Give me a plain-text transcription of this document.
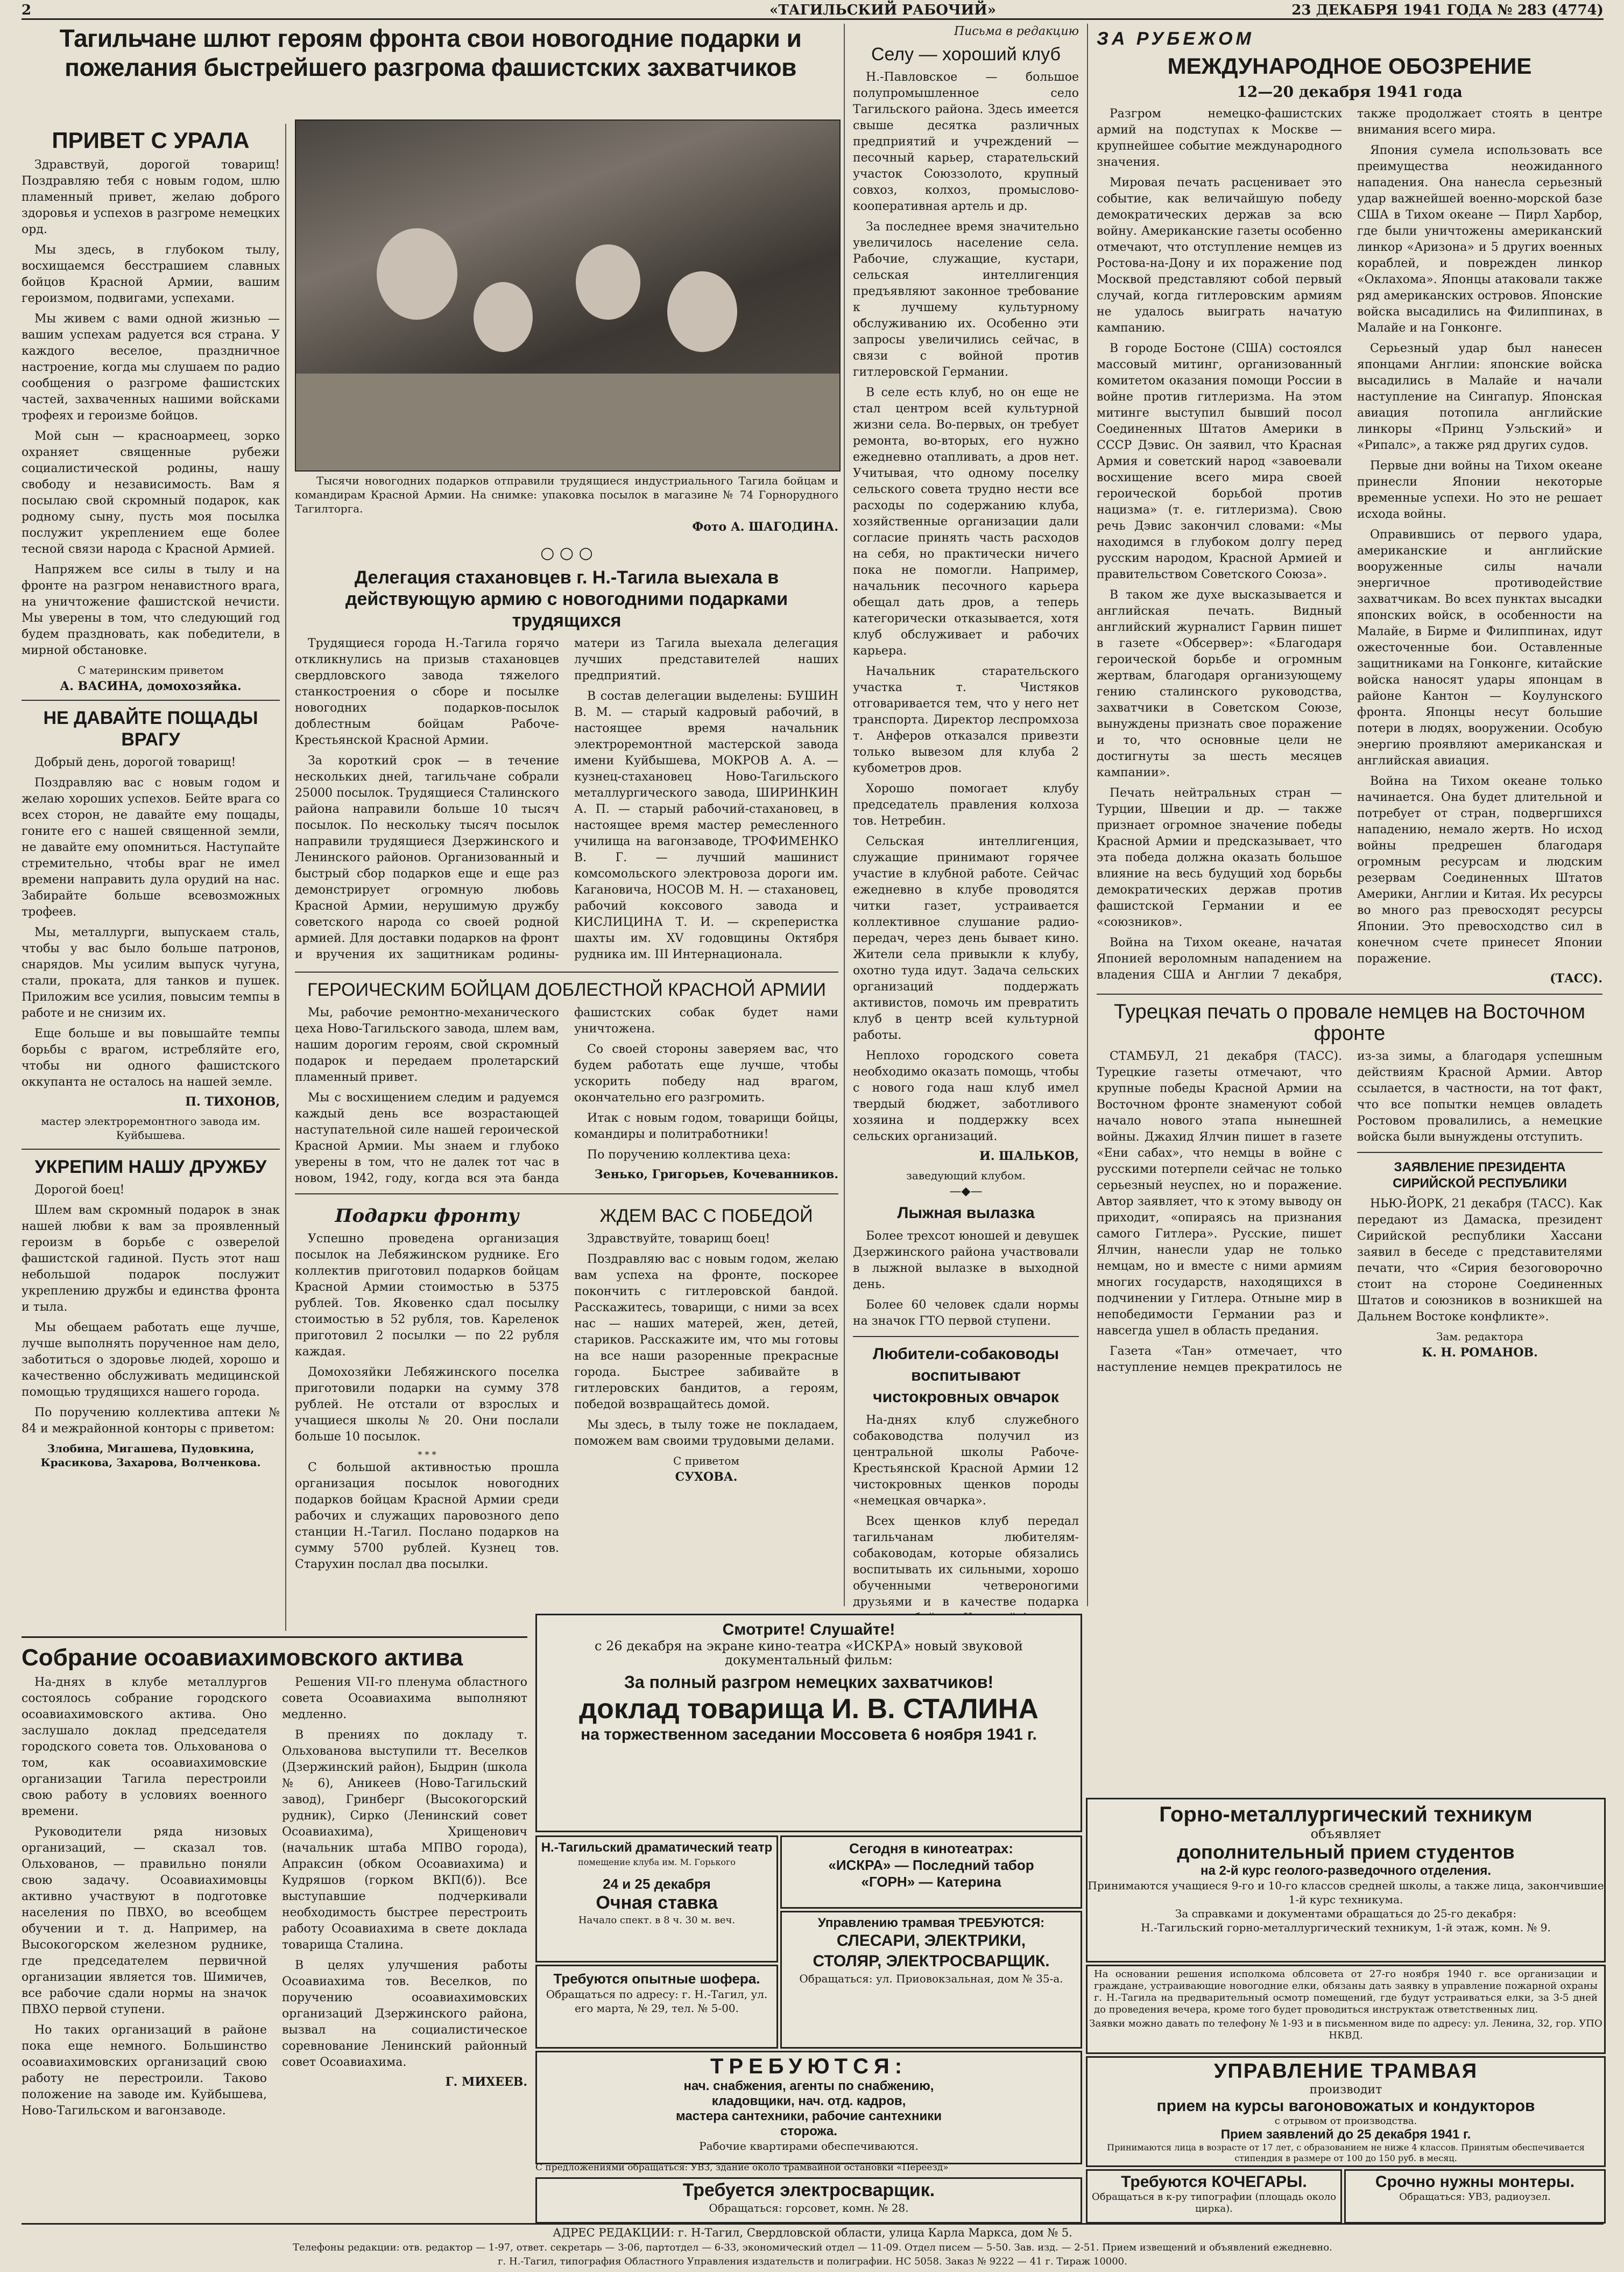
2	«ТАГИЛЬСКИЙ РАБОЧИЙ»	23 ДЕКАБРЯ 1941 ГОДА № 283 (4774)
Тагильчане шлют героям фронта свои новогодние подарки и пожелания быстрейшего разгрома фашистских захватчиков
ПРИВЕТ С УРАЛА

Здравствуй, дорогой товарищ! Поздравляю тебя с новым годом, шлю пламенный привет, желаю доброго здоровья и успехов в разгроме немецких орд.

Мы здесь, в глубоком тылу, восхищаемся бесстрашием славных бойцов Красной Армии, вашим героизмом, подвигами, успехами.

Мы живем с вами одной жизнью — вашим успехам радуется вся страна. У каждого веселое, праздничное настроение, когда мы слушаем по радио сообщения о разгроме фашистских частей, захваченных нашими войсками трофеях и героизме бойцов.

Мой сын — красноармеец, зорко охраняет священные рубежи социалистической родины, нашу свободу и независимость. Вам я посылаю свой скромный подарок, как родному сыну, пусть моя посылка послужит укреплением еще более тесной связи народа с Красной Армией.

Напряжем все силы в тылу и на фронте на разгром ненавистного врага, на уничтожение фашистской нечисти. Мы уверены в том, что следующий год будем праздновать, как победители, в мирной обстановке.

С материнским приветом
А. ВАСИНА, домохозяйка.
НЕ ДАВАЙТЕ ПОЩАДЫ ВРАГУ

Добрый день, дорогой товарищ!

Поздравляю вас с новым годом и желаю хороших успехов. Бейте врага со всех сторон, не давайте ему пощады, гоните его с нашей священной земли, не давайте ему опомниться. Наступайте стремительно, чтобы враг не имел времени направить дула орудий на нас. Забирайте больше всевозможных трофеев.

Мы, металлурги, выпускаем сталь, чтобы у вас было больше патронов, снарядов. Мы усилим выпуск чугуна, стали, проката, для танков и пушек. Приложим все усилия, повысим темпы в работе и не снизим их.

Еще больше и вы повышайте темпы борьбы с врагом, истребляйте его, чтобы ни одного фашистского оккупанта не осталось на нашей земле.

П. ТИХОНОВ,
мастер электроремонтного завода им. Куйбышева.
УКРЕПИМ НАШУ ДРУЖБУ

Дорогой боец!

Шлем вам скромный подарок в знак нашей любви к вам за проявленный героизм в борьбе с озверелой фашистской гадиной. Пусть этот наш небольшой подарок послужит укреплению дружбы и единства фронта и тыла.

Мы обещаем работать еще лучше, лучше выполнять порученное нам дело, заботиться о здоровье людей, хорошо и качественно обслуживать медицинской помощью трудящихся нашего города.

По поручению коллектива аптеки № 84 и межрайонной конторы с приветом:

Злобина, Мигашева, Пудовкина, Красикова, Захарова, Волченкова.

Тысячи новогодних подарков отправили трудящиеся индустриального Тагила бойцам и командирам Красной Армии. На снимке: упаковка посылок в магазине № 74 Горнорудного Тагилторга.

Фото А. ШАГОДИНА.
○ ○ ○
Делегация стахановцев г. Н.-Тагила выехала в действующую армию с новогодними подарками трудящихся

Трудящиеся города Н.-Тагила горячо откликнулись на призыв стахановцев свердловского завода тяжелого станкостроения о сборе и посылке новогодних подарков-посылок доблестным бойцам Рабоче-Крестьянской Красной Армии.

За короткий срок — в течение нескольких дней, тагильчане собрали 25000 посылок. Трудящиеся Сталинского района направили больше 10 тысяч посылок. По нескольку тысяч посылок направили трудящиеся Дзержинского и Ленинского районов. Организованный и быстрый сбор подарков еще и еще раз демонстрирует огромную любовь Красной Армии, нерушимую дружбу советского народа со своей родной армией. Для доставки подарков на фронт и вручения их защитникам родины-матери из Тагила выехала делегация лучших представителей наших предприятий.

В состав делегации выделены: БУШИН В. М. — старый кадровый рабочий, в настоящее время начальник электроремонтной мастерской завода имени Куйбышева, МОКРОВ А. А. — кузнец-стахановец Ново-Тагильского металлургического завода, ШИРИНКИН А. П. — старый рабочий-стахановец, в настоящее время мастер ремесленного училища на вагонзаводе, ТРОФИМЕНКО В. Г. — лучший машинист комсомольского электровоза дороги им. Кагановича, НОСОВ М. Н. — стахановец, рабочий коксового завода и КИСЛИЦИНА Т. И. — скреперистка шахты им. XV годовщины Октября рудника им. III Интернационала.

ГЕРОИЧЕСКИМ БОЙЦАМ ДОБЛЕСТНОЙ КРАСНОЙ АРМИИ

Мы, рабочие ремонтно-механического цеха Ново-Тагильского завода, шлем вам, нашим дорогим героям, свой скромный подарок и передаем пролетарский пламенный привет.

Мы с восхищением следим и радуемся каждый день все возрастающей наступательной силе нашей героической Красной Армии. Мы знаем и глубоко уверены в том, что не далек тот час в новом, 1942, году, когда вся эта банда фашистских собак будет нами уничтожена.

Со своей стороны заверяем вас, что будем работать еще лучше, чтобы ускорить победу над врагом, окончательно его разгромить.

Итак с новым годом, товарищи бойцы, командиры и политработники!

По поручению коллектива цеха:

Зенько, Григорьев, Кочеванников.
Подарки фронту

Успешно проведена организация посылок на Лебяжинском руднике. Его коллектив приготовил подарков бойцам Красной Армии стоимостью в 5375 рублей. Тов. Яковенко сдал посылку стоимостью в 52 рубля, тов. Кареленок приготовил 2 посылки — по 22 рубля каждая.

Домохозяйки Лебяжинского поселка приготовили подарки на сумму 378 рублей. Не отстали от взрослых и учащиеся школы № 20. Они послали больше 10 посылок.

* * *

С большой активностью прошла организация посылок новогодних подарков бойцам Красной Армии среди рабочих и служащих паровозного депо станции Н.-Тагил. Послано подарков на сумму 5700 рублей. Кузнец тов. Старухин послал два посылки.

ЖДЕМ ВАС С ПОБЕДОЙ

Здравствуйте, товарищ боец!

Поздравляю вас с новым годом, желаю вам успеха на фронте, поскорее покончить с гитлеровской бандой. Расскажитесь, товарищи, с ними за всех нас — наших матерей, жен, детей, стариков. Расскажите им, что мы готовы на все наши разоренные прекрасные города. Быстрее забивайте в гитлеровских бандитов, а героям, победой возвращайтесь домой.

Мы здесь, в тылу тоже не покладаем, поможем вам своими трудовыми делами.

С приветом
СУХОВА.
Письма в редакцию
Селу — хороший клуб

Н.-Павловское — большое полупромышленное село Тагильского района. Здесь имеется свыше десятка различных предприятий и учреждений — песочный карьер, старательский участок Союззолото, крупный совхоз, колхоз, промыслово-кооперативная артель и др.

За последнее время значительно увеличилось население села. Рабочие, служащие, кустари, сельская интеллигенция предъявляют законное требование к лучшему культурному обслуживанию их. Особенно эти запросы увеличились сейчас, в связи с войной против гитлеровской Германии.

В селе есть клуб, но он еще не стал центром всей культурной жизни села. Во-первых, он требует ремонта, во-вторых, его нужно ежедневно отапливать, а дров нет. Учитывая, что одному поселку сельского совета трудно нести все расходы по содержанию клуба, хозяйственные организации дали согласие принять часть расходов на себя, но практически ничего пока не помогли. Например, начальник песочного карьера обещал дать дров, а теперь категорически отказывается, хотя клуб обслуживает и рабочих карьера.

Начальник старательского участка т. Чистяков отговаривается тем, что у него нет транспорта. Директор леспромхоза т. Анферов отказался привезти только вывезом для клуба 2 кубометров дров.

Хорошо помогает клубу председатель правления колхоза тов. Нетребин.

Сельская интеллигенция, служащие принимают горячее участие в клубной работе. Сейчас ежедневно в клубе проводятся читки газет, устраивается коллективное слушание радио-передач, через день бывает кино. Жители села привыкли к клубу, охотно туда идут. Задача сельских организаций поддержать активистов, помочь им превратить клуб в центр всей культурной работы.

Неплохо городского совета необходимо оказать помощь, чтобы с нового года наш клуб имел твердый бюджет, заботливого хозяина и поддержку всех сельских организаций.

И. ШАЛЬКОВ,
заведующий клубом.
—◆—
Лыжная вылазка

Более трехсот юношей и девушек Дзержинского района участвовали в лыжной вылазке в выходной день.

Более 60 человек сдали нормы на значок ГТО первой ступени.

Любители-собаководы воспитывают чистокровных овчарок

На-днях клуб служебного собаководства получил из центральной школы Рабоче-Крестьянской Красной Армии 12 чистокровных щенков породы «немецкая овчарка».

Всех щенков клуб передал тагильчанам любителям-собаководам, которые обязались воспитывать их сильными, хорошо обученными четвероногими друзьями и в качестве подарка

ЗА РУБЕЖОМ
МЕЖДУНАРОДНОЕ ОБОЗРЕНИЕ
12—20 декабря 1941 года

Разгром немецко-фашистских армий на подступах к Москве — крупнейшее событие международного значения.

Мировая печать расценивает это событие, как величайшую победу демократических держав за всю войну. Американские газеты особенно отмечают, что отступление немцев из Ростова-на-Дону и их поражение под Москвой представляют собой первый случай, когда гитлеровским армиям не удалось выиграть начатую кампанию.

В городе Бостоне (США) состоялся массовый митинг, организованный комитетом оказания помощи России в войне против гитлеризма. На этом митинге выступил бывший посол Соединенных Штатов Америки в СССР Дэвис. Он заявил, что Красная Армия и советский народ «завоевали восхищение всего мира своей героической борьбой против нацизма» (т. е. гитлеризма). Свою речь Дэвис закончил словами: «Мы находимся в глубоком долгу перед русским народом, Красной Армией и правительством Советского Союза».

В таком же духе высказывается и английская печать. Видный английский журналист Гарвин пишет в газете «Обсервер»: «Благодаря героической борьбе и огромным жертвам, благодаря организующему гению сталинского руководства, захватчики в Советском Союзе, вынуждены признать свое поражение и то, что основные цели не достигнуты за шесть месяцев кампании».

Печать нейтральных стран — Турции, Швеции и др. — также признает огромное значение победы Красной Армии и предсказывает, что эта победа должна оказать большое влияние на весь будущий ход борьбы демократических держав против фашистской Германии и ее «союзников».

Война на Тихом океане, начатая Японией вероломным нападением на владения США и Англии 7 декабря, также продолжает стоять в центре внимания всего мира.

Япония сумела использовать все преимущества неожиданного нападения. Она нанесла серьезный удар важнейшей военно-морской базе США в Тихом океане — Пирл Харбор, где были уничтожены американский линкор «Аризона» и 5 других военных кораблей, и поврежден линкор «Оклахома». Японцы атаковали также ряд американских островов. Японские войска высадились на Филиппинах, в Малайе и на Гонконге.

Серьезный удар был нанесен японцами Англии: японские войска высадились в Малайе и начали наступление на Сингапур. Японская авиация потопила английские линкоры «Принц Уэльский» и «Рипалс», а также ряд других судов.

Первые дни войны на Тихом океане принесли Японии некоторые временные успехи. Но это не решает исхода войны.

Оправившись от первого удара, американские и английские вооруженные силы начали энергичное противодействие захватчикам. Во всех пунктах высадки японских войск, в особенности на Малайе, в Бирме и Филиппинах, идут ожесточенные бои. Оставленные защитниками на Гонконге, китайские войска наносят удары японцам в районе Кантон — Коулунского фронта. Японцы несут большие потери в людях, вооружении. Особую энергию проявляют американская и английская авиация.

Война на Тихом океане только начинается. Она будет длительной и потребует от стран, подвергшихся нападению, немало жертв. Но исход войны предрешен благодаря огромным ресурсам и людским резервам Соединенных Штатов Америки, Англии и Китая. Их ресурсы во много раз превосходят ресурсы Японии. Это превосходство сил в конечном счете принесет Японии поражение.

(ТАСС).
Турецкая печать о провале немцев на Восточном фронте

СТАМБУЛ, 21 декабря (ТАСС). Турецкие газеты отмечают, что крупные победы Красной Армии на Восточном фронте знаменуют собой начало нового этапа нынешней войны. Джахид Ялчин пишет в газете «Ени сабах», что немцы в войне с русскими потерпели сейчас не только серьезный неуспех, но и поражение. Автор заявляет, что к этому выводу он приходит, «опираясь на признания самого Гитлера». Русские, пишет Ялчин, нанесли удар не только немцам, но и вместе с ними армиям многих государств, находящихся в подчинении у Гитлера. Отныне мир в непобедимости Германии раз и навсегда ушел в область предания.

Газета «Тан» отмечает, что наступление немцев прекратилось не из-за зимы, а благодаря успешным действиям Красной Армии. Автор ссылается, в частности, на тот факт, что все попытки немцев овладеть Ростовом провалились, а немецкие войска были вынуждены отступить.

ЗАЯВЛЕНИЕ ПРЕЗИДЕНТА СИРИЙСКОЙ РЕСПУБЛИКИ

НЬЮ-ЙОРК, 21 декабря (ТАСС). Как передают из Дамаска, президент Сирийской республики Хассани заявил в беседе с представителями печати, что «Сирия безоговорочно стоит на стороне Соединенных Штатов и союзников в возникшей на Дальнем Востоке конфликте».

Зам. редактора
К. Н. РОМАНОВ.
Собрание осоавиахимовского актива

На-днях в клубе металлургов состоялось собрание городского осоавиахимовского актива. Оно заслушало доклад председателя городского совета тов. Ольхованова о том, как осоавиахимовские организации Тагила перестроили свою работу в условиях военного времени.

Руководители ряда низовых организаций, — сказал тов. Ольхованов, — правильно поняли свою задачу. Осоавиахимовцы активно участвуют в подготовке населения по ПВХО, во всеобщем обучении и т. д. Например, на Высокогорском железном руднике, где председателем первичной организации является тов. Шимичев, все рабочие сдали нормы на значок ПВХО первой ступени.

Но таких организаций в районе пока еще немного. Большинство осоавиахимовских организаций свою работу не перестроили. Таково положение на заводе им. Куйбышева, Ново-Тагильском и вагонзаводе.

Решения VII-го пленума областного совета Осоавиахима выполняют медленно.

В прениях по докладу т. Ольхованова выступили тт. Веселков (Дзержинский район), Быдрин (школа № 6), Аникеев (Ново-Тагильский завод), Гринберг (Высокогорский рудник), Сирко (Ленинский совет Осоавиахима), Хрищенович (начальник штаба МПВО города), Апраксин (обком Осоавиахима) и Кудряшов (горком ВКП(б)). Все выступавшие подчеркивали необходимость быстрее перестроить работу Осоавиахима в свете доклада товарища Сталина.

В целях улучшения работы Осоавиахима тов. Веселков, по поручению осоавиахимовских организаций Дзержинского района, вызвал на социалистическое соревнование Ленинский районный совет Осоавиахима.

Г. МИХЕЕВ.
Смотрите! Слушайте!
с 26 декабря на экране кино-театра «ИСКРА» новый звуковой документальный фильм:
За полный разгром немецких захватчиков!
доклад товарища И. В. СТАЛИНА
на торжественном заседании Моссовета 6 ноября 1941 г.
Н.-Тагильский драматический театр
помещение клуба им. М. Горького
24 и 25 декабря
Очная ставка
Начало спект. в 8 ч. 30 м. веч.
Сегодня в кинотеатрах:
«ИСКРА» — Последний табор
«ГОРН» — Катерина
Требуются опытные шофера.
Обращаться по адресу: г. Н.-Тагил, ул. его марта, № 29, тел. № 5-00.
Управлению трамвая ТРЕБУЮТСЯ:
СЛЕСАРИ, ЭЛЕКТРИКИ, СТОЛЯР, ЭЛЕКТРОСВАРЩИК.
Обращаться: ул. Приовокзальная, дом № 35-а.
ТРЕБУЮТСЯ:
нач. снабжения, агенты по снабжению,
кладовщики, нач. отд. кадров,
мастера сантехники, рабочие сантехники
сторожа.
Рабочие квартирами обеспечиваются.
С предложениями обращаться: УВЗ, здание около трамвайной остановки «Переезд»
Требуется электросварщик.
Обращаться: горсовет, комн. № 28.
Горно-металлургический техникум
объявляет
дополнительный прием студентов
на 2-й курс геолого-разведочного отделения.
Принимаются учащиеся 9-го и 10-го классов средней школы, а также лица, закончившие 1-й курс техникума.
За справками и документами обращаться до 25-го декабря:
Н.-Тагильский горно-металлургический техникум, 1-й этаж, комн. № 9.
На основании решения исполкома облсовета от 27-го ноября 1940 г. все организации и граждане, устраивающие новогодние елки, обязаны дать заявку в управление пожарной охраны г. Н.-Тагила на предварительный осмотр помещений, где будут устраиваться елки, за 3-5 дней до проведения вечера, кроме того будет проводиться инструктаж ответственных лиц.
Заявки можно давать по телефону № 1-93 и в письменном виде по адресу: ул. Ленина, 32, гор. УПО НКВД.
УПРАВЛЕНИЕ ТРАМВАЯ
производит
прием на курсы вагоновожатых и кондукторов
с отрывом от производства.
Прием заявлений до 25 декабря 1941 г.
Принимаются лица в возрасте от 17 лет, с образованием не ниже 4 классов. Принятым обеспечивается стипендия в размере от 100 до 150 руб. в месяц.
Требуются КОЧЕГАРЫ.
Обращаться в к-ру типографии (площадь около цирка).
Срочно нужны монтеры.
Обращаться: УВЗ, радиоузел.
АДРЕС РЕДАКЦИИ: г. Н-Тагил, Свердловской области, улица Карла Маркса, дом № 5.
Телефоны редакции: отв. редактор — 1-97, ответ. секретарь — 3-06, партотдел — 6-33, экономический отдел — 11-09. Отдел писем — 5-50. Зав. изд. — 2-51. Прием извещений и объявлений ежедневно.
г. Н.-Тагил, типография Областного Управления издательств и полиграфии. НС 5058. Заказ № 9222 — 41 г. Тираж 10000.
